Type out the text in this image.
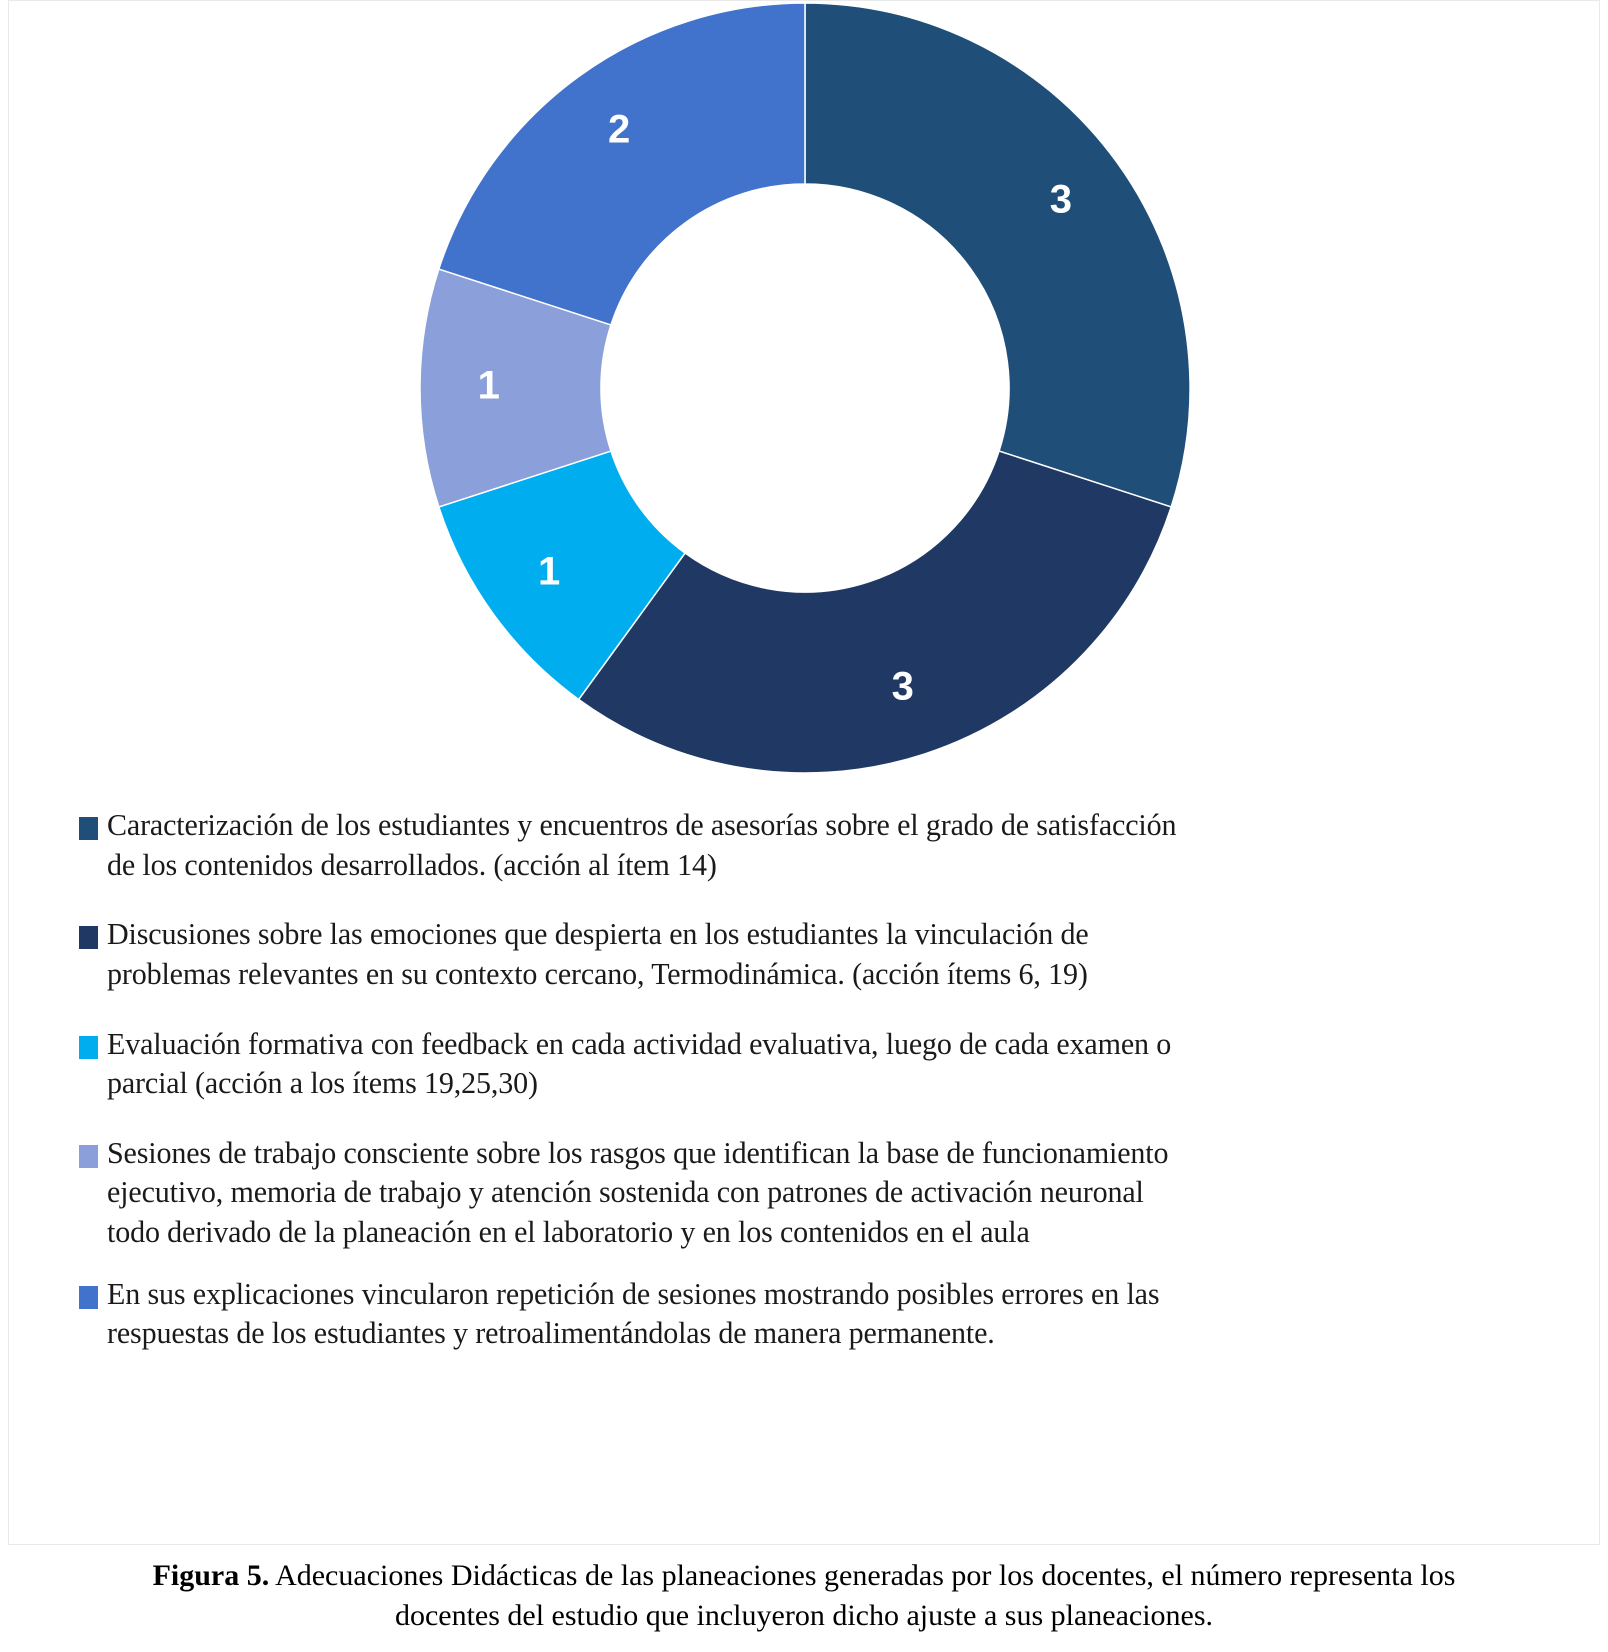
3
3
1
1
2
Caracterización de los estudiantes y encuentros de asesorías sobre el grado de satisfacción
de los contenidos desarrollados. (acción al ítem 14)
Discusiones sobre las emociones que despierta en los estudiantes la vinculación de
problemas relevantes en su contexto cercano, Termodinámica. (acción ítems 6, 19)
Evaluación formativa con feedback en cada actividad evaluativa, luego de cada examen o
parcial (acción a los ítems 19,25,30)
Sesiones de trabajo consciente sobre los rasgos que identifican la base de funcionamiento
ejecutivo, memoria de trabajo y atención sostenida con patrones de activación neuronal
todo derivado de la planeación en el laboratorio y en los contenidos en el aula
En sus explicaciones vincularon repetición de sesiones mostrando posibles errores en las
respuestas de los estudiantes y retroalimentándolas de manera permanente.
Figura 5. Adecuaciones Didácticas de las planeaciones generadas por los docentes, el número representa los
docentes del estudio que incluyeron dicho ajuste a sus planeaciones.
